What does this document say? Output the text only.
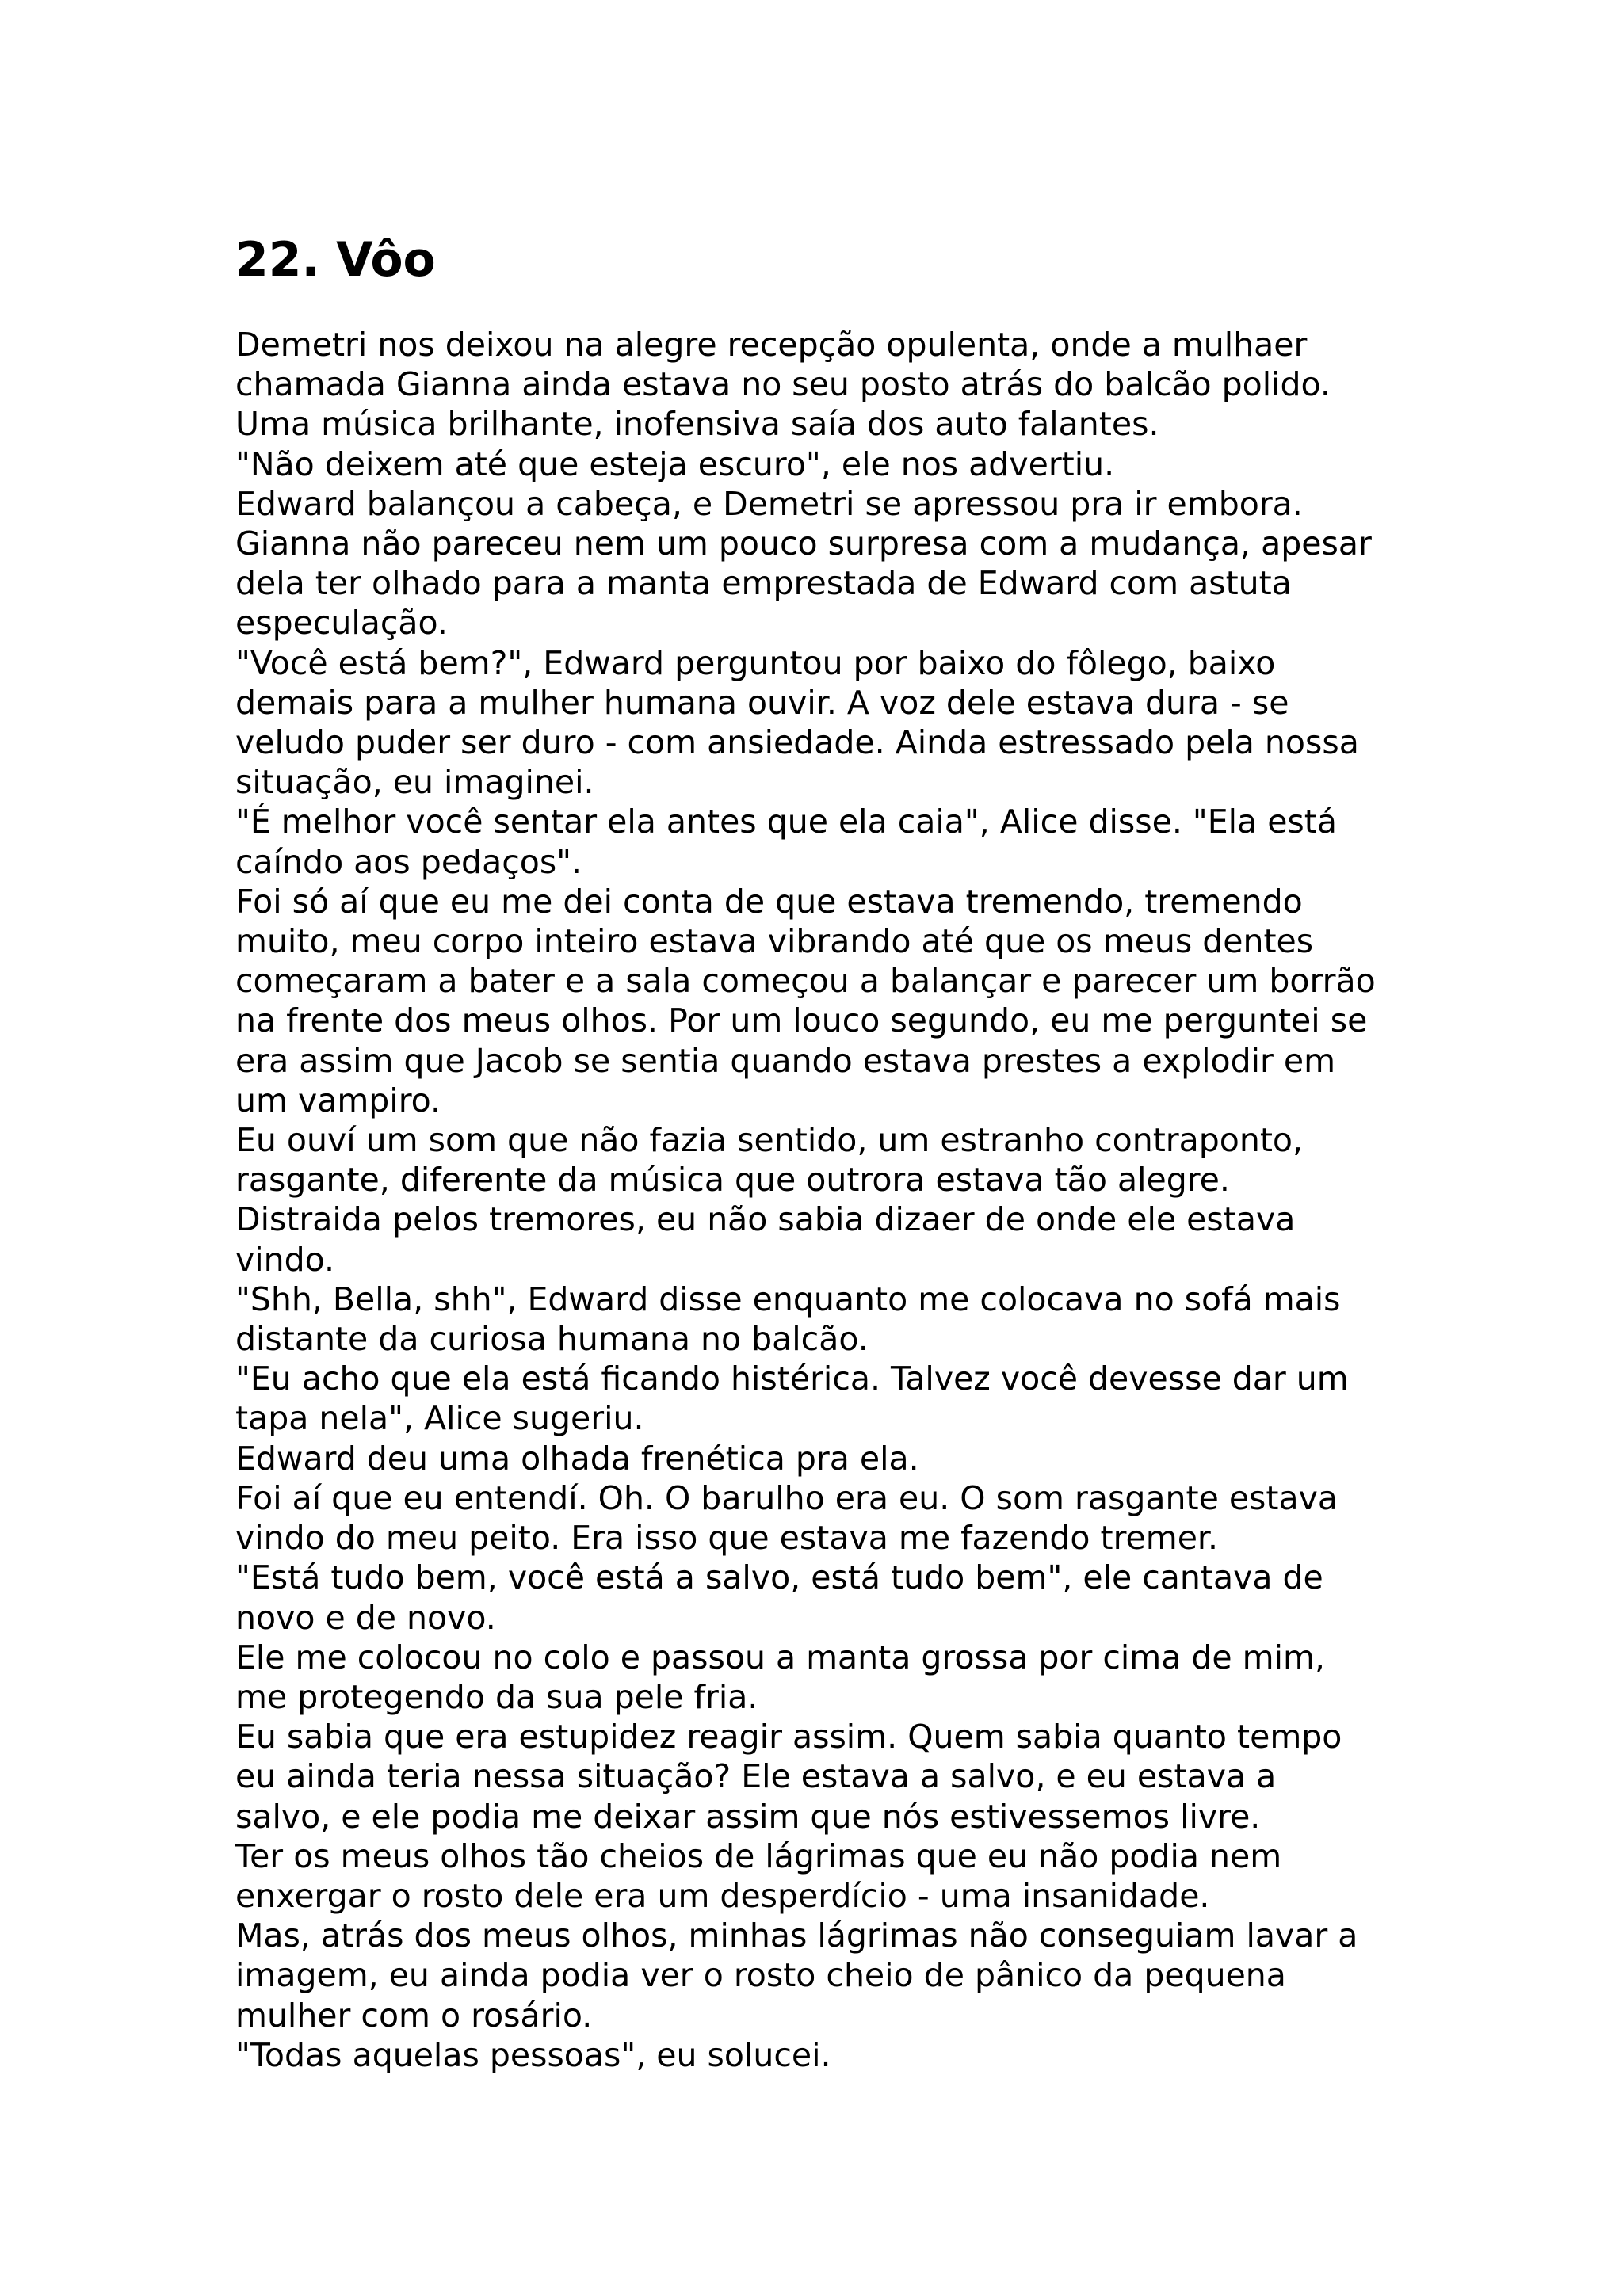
22. Vôo
Demetri nos deixou na alegre recepção opulenta, onde a mulhaer
chamada Gianna ainda estava no seu posto atrás do balcão polido.
Uma música brilhante, inofensiva saía dos auto falantes.
"Não deixem até que esteja escuro", ele nos advertiu.
Edward balançou a cabeça, e Demetri se apressou pra ir embora.
Gianna não pareceu nem um pouco surpresa com a mudança, apesar
dela ter olhado para a manta emprestada de Edward com astuta
especulação.
"Você está bem?", Edward perguntou por baixo do fôlego, baixo
demais para a mulher humana ouvir. A voz dele estava dura - se
veludo puder ser duro - com ansiedade. Ainda estressado pela nossa
situação, eu imaginei.
"É melhor você sentar ela antes que ela caia", Alice disse. "Ela está
caíndo aos pedaços".
Foi só aí que eu me dei conta de que estava tremendo, tremendo
muito, meu corpo inteiro estava vibrando até que os meus dentes
começaram a bater e a sala começou a balançar e parecer um borrão
na frente dos meus olhos. Por um louco segundo, eu me perguntei se
era assim que Jacob se sentia quando estava prestes a explodir em
um vampiro.
Eu ouví um som que não fazia sentido, um estranho contraponto,
rasgante, diferente da música que outrora estava tão alegre.
Distraida pelos tremores, eu não sabia dizaer de onde ele estava
vindo.
"Shh, Bella, shh", Edward disse enquanto me colocava no sofá mais
distante da curiosa humana no balcão.
"Eu acho que ela está ficando histérica. Talvez você devesse dar um
tapa nela", Alice sugeriu.
Edward deu uma olhada frenética pra ela.
Foi aí que eu entendí. Oh. O barulho era eu. O som rasgante estava
vindo do meu peito. Era isso que estava me fazendo tremer.
"Está tudo bem, você está a salvo, está tudo bem", ele cantava de
novo e de novo.
Ele me colocou no colo e passou a manta grossa por cima de mim,
me protegendo da sua pele fria.
Eu sabia que era estupidez reagir assim. Quem sabia quanto tempo
eu ainda teria nessa situação? Ele estava a salvo, e eu estava a
salvo, e ele podia me deixar assim que nós estivessemos livre.
Ter os meus olhos tão cheios de lágrimas que eu não podia nem
enxergar o rosto dele era um desperdício - uma insanidade.
Mas, atrás dos meus olhos, minhas lágrimas não conseguiam lavar a
imagem, eu ainda podia ver o rosto cheio de pânico da pequena
mulher com o rosário.
"Todas aquelas pessoas", eu solucei.
